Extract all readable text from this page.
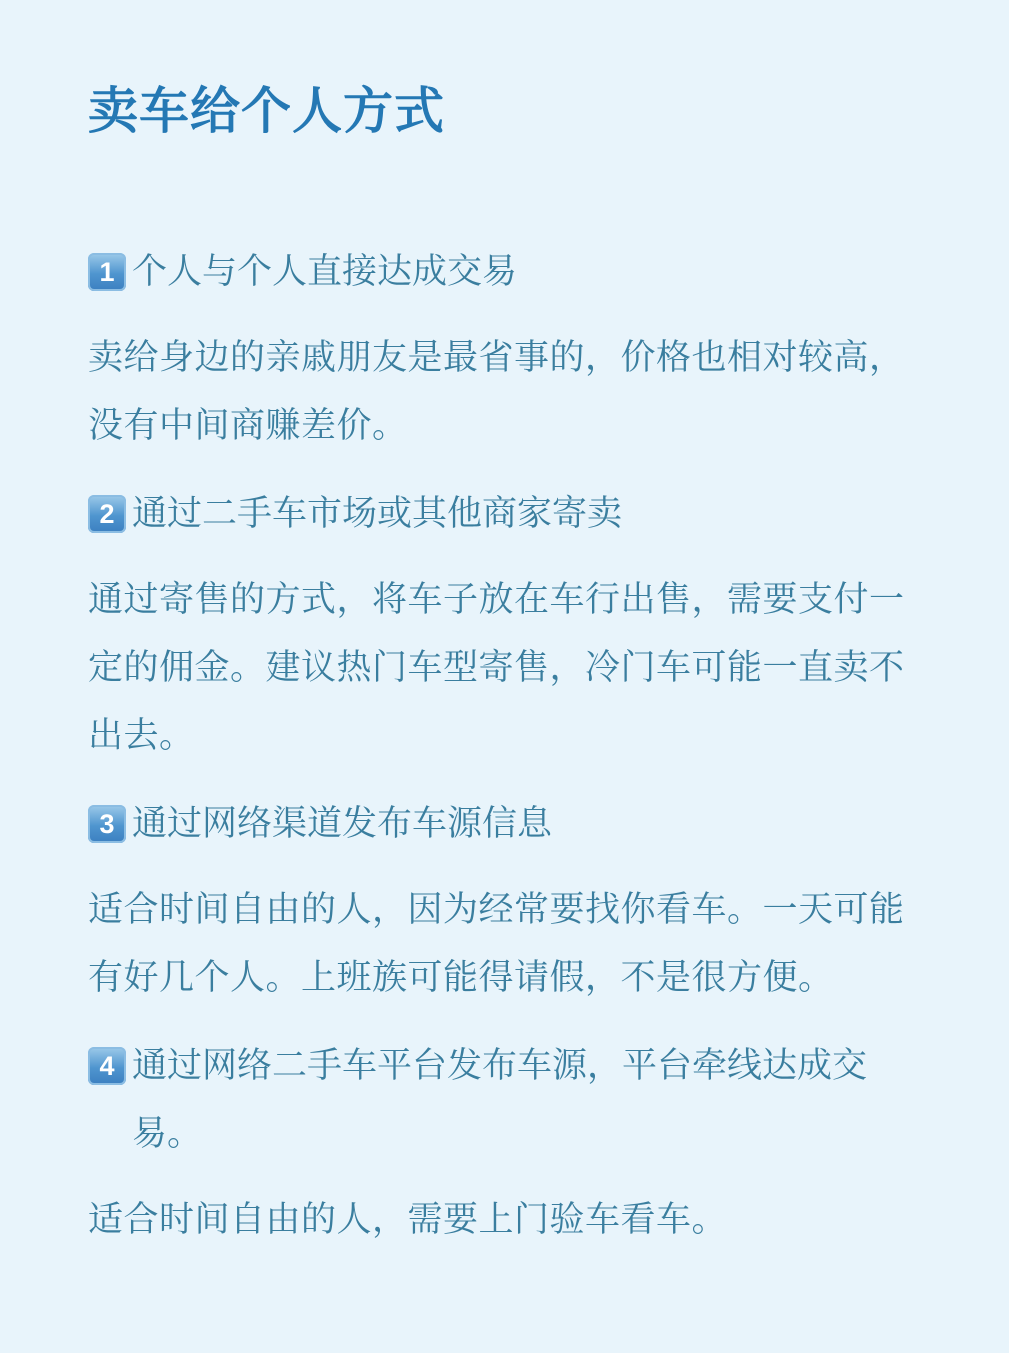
卖车给个人方式
1 个人与个人直接达成交易

卖给身边的亲戚朋友是最省事的，价格也相对较高，没有中间商赚差价。

2 通过二手车市场或其他商家寄卖

通过寄售的方式，将车子放在车行出售，需要支付一定的佣金。建议热门车型寄售，冷门车可能一直卖不出去。

3 通过网络渠道发布车源信息

适合时间自由的人，因为经常要找你看车。一天可能有好几个人。上班族可能得请假，不是很方便。

4 通过网络二手车平台发布车源，平台牵线达成交易。

适合时间自由的人，需要上门验车看车。
